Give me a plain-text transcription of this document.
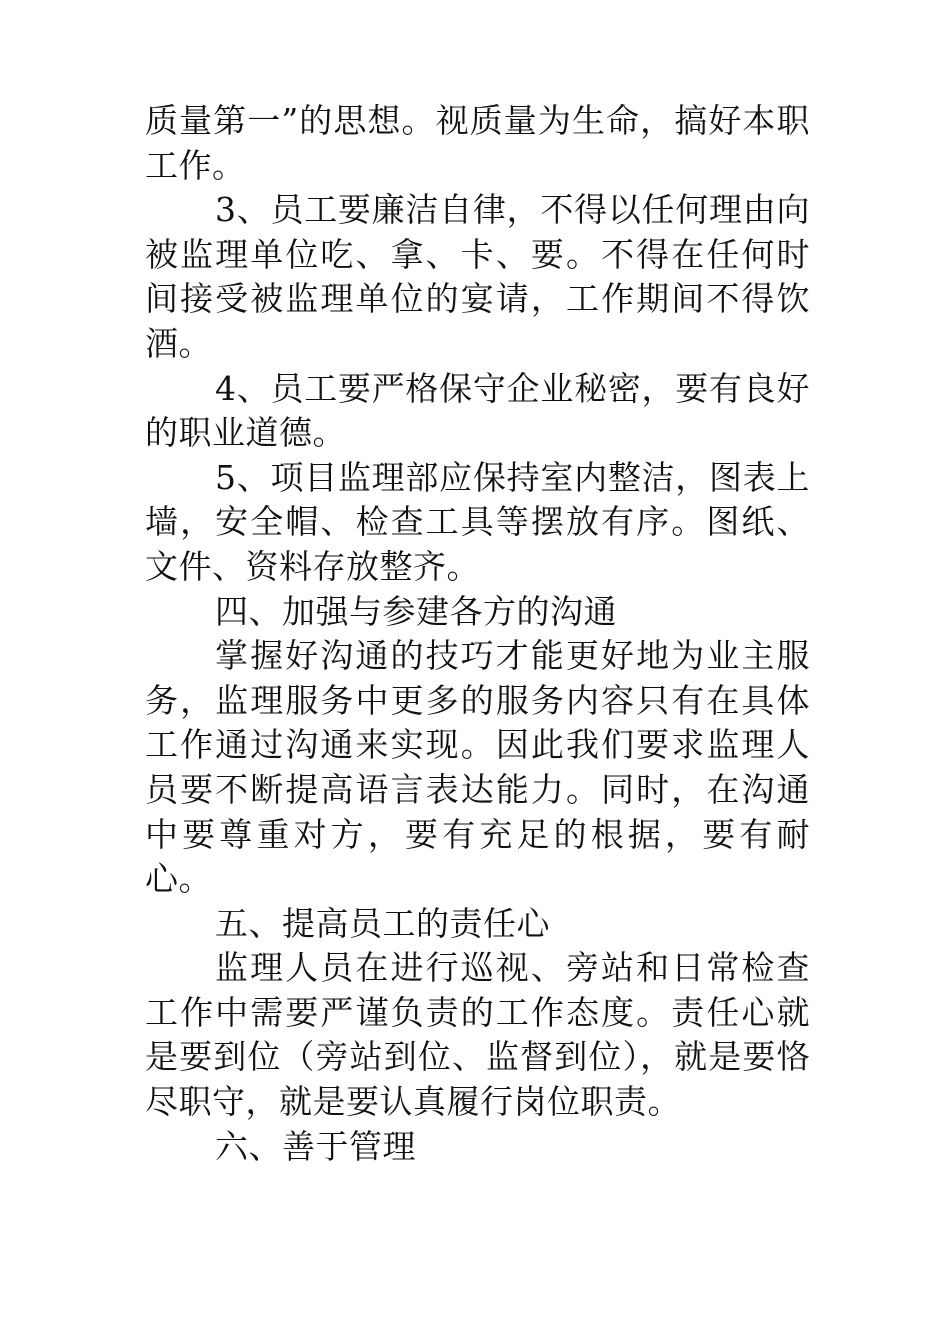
质量第一”的思想。视质量为生命，搞好本职工作。

3、员工要廉洁自律，不得以任何理由向被监理单位吃、拿、卡、要。不得在任何时间接受被监理单位的宴请，工作期间不得饮酒。

4、员工要严格保守企业秘密，要有良好的职业道德。

5、项目监理部应保持室内整洁，图表上墙，安全帽、检查工具等摆放有序。图纸、文件、资料存放整齐。

四、加强与参建各方的沟通

掌握好沟通的技巧才能更好地为业主服务，监理服务中更多的服务内容只有在具体工作通过沟通来实现。因此我们要求监理人员要不断提高语言表达能力。同时，在沟通中要尊重对方，要有充足的根据，要有耐心。

五、提高员工的责任心

监理人员在进行巡视、旁站和日常检查工作中需要严谨负责的工作态度。责任心就是要到位（旁站到位、监督到位），就是要恪尽职守，就是要认真履行岗位职责。

六、善于管理
